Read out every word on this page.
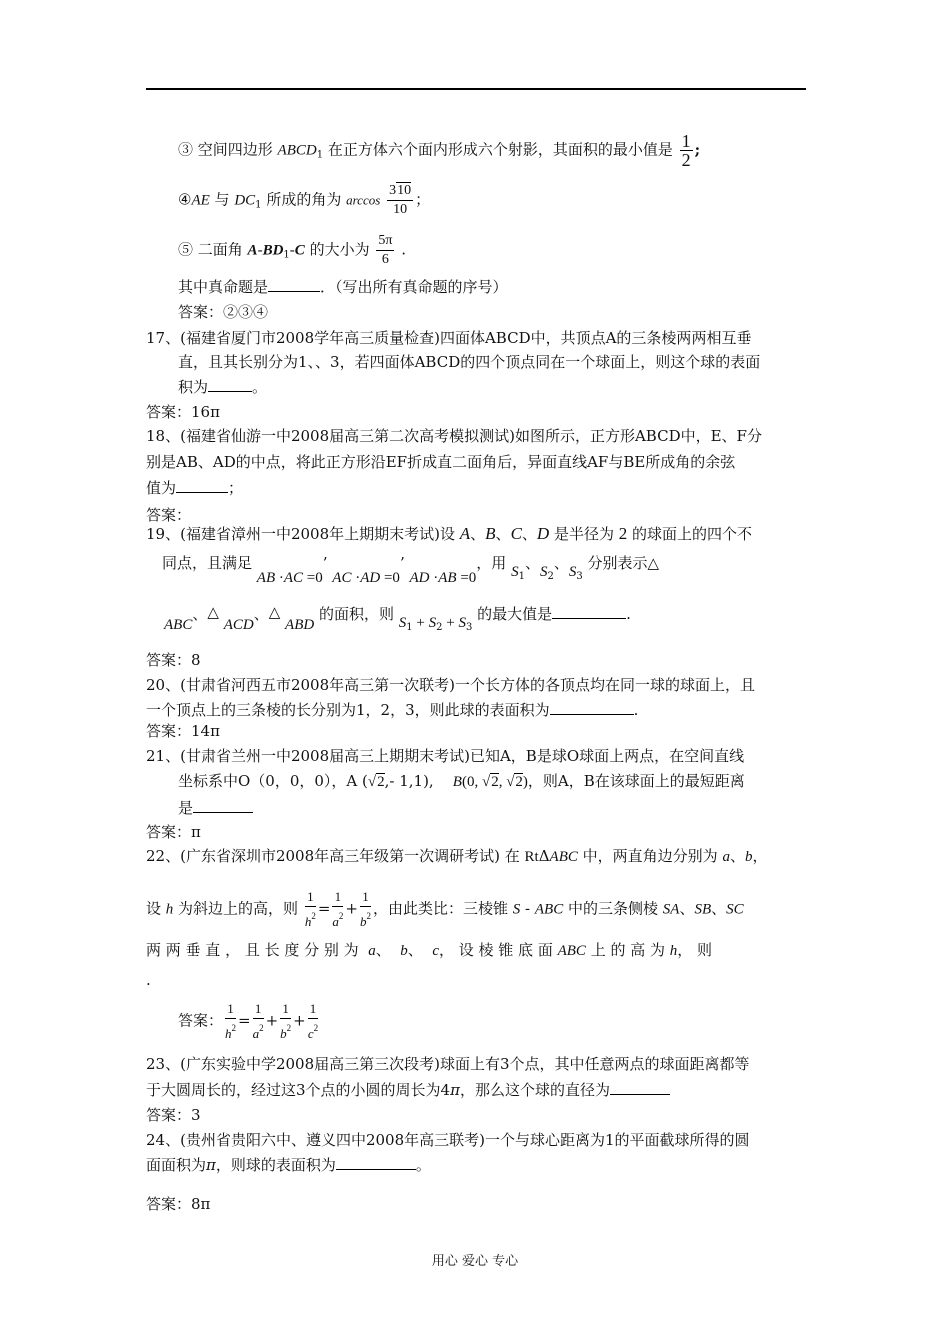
③ 空间四边形 $ABCD_1$ 在正方体六个面内形成六个射影，其面积的最小值是 $\frac{1}{2}$ ;
④AE 与 $DC_1$ 所成的角为 $\arccos \frac{310}{10}$ ；
⑤ 二面角 $A-BD_1-C$ 的大小为 $\frac{5\pi}{6}$ .
其中真命题是	．（写出所有真命题的序号）
答案：②③④
17、(福建省厦门市2008学年高三质量检查)四面体ABCD中，共顶点A的三条棱两两相互垂
直，且其长别分为1、、3，若四面体ABCD的四个顶点同在一个球面上，则这个球的表面
积为	。
答案：16π
18、(福建省仙游一中2008届高三第二次高考模拟测试)如图所示，正方形ABCD中，E、F分
别是AB、AD的中点，将此正方形沿EF折成直二面角后，异面直线AF与BE所成角的余弦
值为	；
答案：
19、(福建省漳州一中2008年上期期末考试)设 A、B、C、D 是半径为 2 的球面上的四个不
同点，且满足 AB ·AC =0’ AC ·AD =0’ AD ·AB =0，用 $S_1$、$S_2$、$S_3$ 分别表示△
ABC、△ ACD、△ ABD 的面积，则 $S_1 + S_2 + S_3$ 的最大值是	.
答案：8
20、(甘肃省河西五市2008年高三第一次联考)一个长方体的各顶点均在同一球的球面上，且
一个顶点上的三条棱的长分别为1，2，3，则此球的表面积为	.
答案：14π
21、(甘肃省兰州一中2008届高三上期期末考试)已知A，B是球O球面上两点，在空间直线
坐标系中O（0，0，0），A (√2,- 1,1),    B(0, √2, √2)，则A，B在该球面上的最短距离
是
答案：π
22、(广东省深圳市2008年高三年级第一次调研考试) 在 RtΔABC 中，两直角边分别为 a、b，
设 h 为斜边上的高，则 $\frac{1}{h^2} = \frac{1}{a^2} + \frac{1}{b^2}$ ，由此类比：三棱锥 S - ABC 中的三条侧棱 SA、SB、SC
两 两 垂 直 ， 且 长 度 分 别 为  a、  b、  c， 设 棱 锥 底 面 ABC 上 的 高 为 h， 则
.
答案： $\frac{1}{h^2} = \frac{1}{a^2} + \frac{1}{b^2} + \frac{1}{c^2}$
23、(广东实验中学2008届高三第三次段考)球面上有3个点，其中任意两点的球面距离都等
于大圆周长的，经过这3个点的小圆的周长为4π，那么这个球的直径为
答案：3
24、(贵州省贵阳六中、遵义四中2008年高三联考)一个与球心距离为1的平面截球所得的圆
面面积为π，则球的表面积为	。
答案：8π
用心 爱心 专心
